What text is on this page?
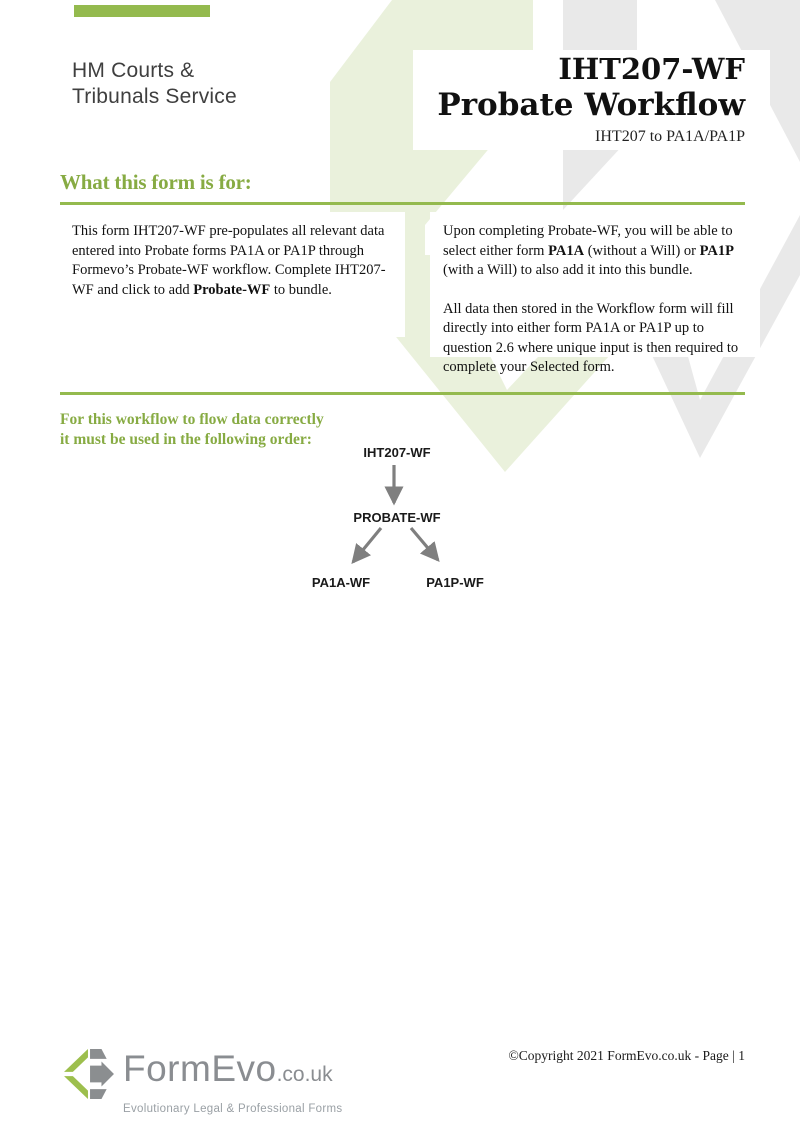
HM Courts &
Tribunals Service
IHT207-WF
Probate Workflow
IHT207 to PA1A/PA1P
What this form is for:

This form IHT207-WF pre-populates all relevant data entered into Probate forms PA1A or PA1P through Formevo’s Probate-WF workflow. Complete IHT207-WF and click to add Probate-WF to bundle.

Upon completing Probate-WF, you will be able to select either form PA1A (without a Will) or PA1P (with a Will) to also add it into this bundle.

All data then stored in the Workflow form will fill directly into either form PA1A or PA1P up to question 2.6 where unique input is then required to complete your Selected form.

For this workflow to flow data correctly
it must be used in the following order:
IHT207-WF
PROBATE-WF
PA1A-WF	PA1P-WF
FormEvo.co.uk
Evolutionary Legal & Professional Forms
©Copyright 2021 FormEvo.co.uk - Page | 1
